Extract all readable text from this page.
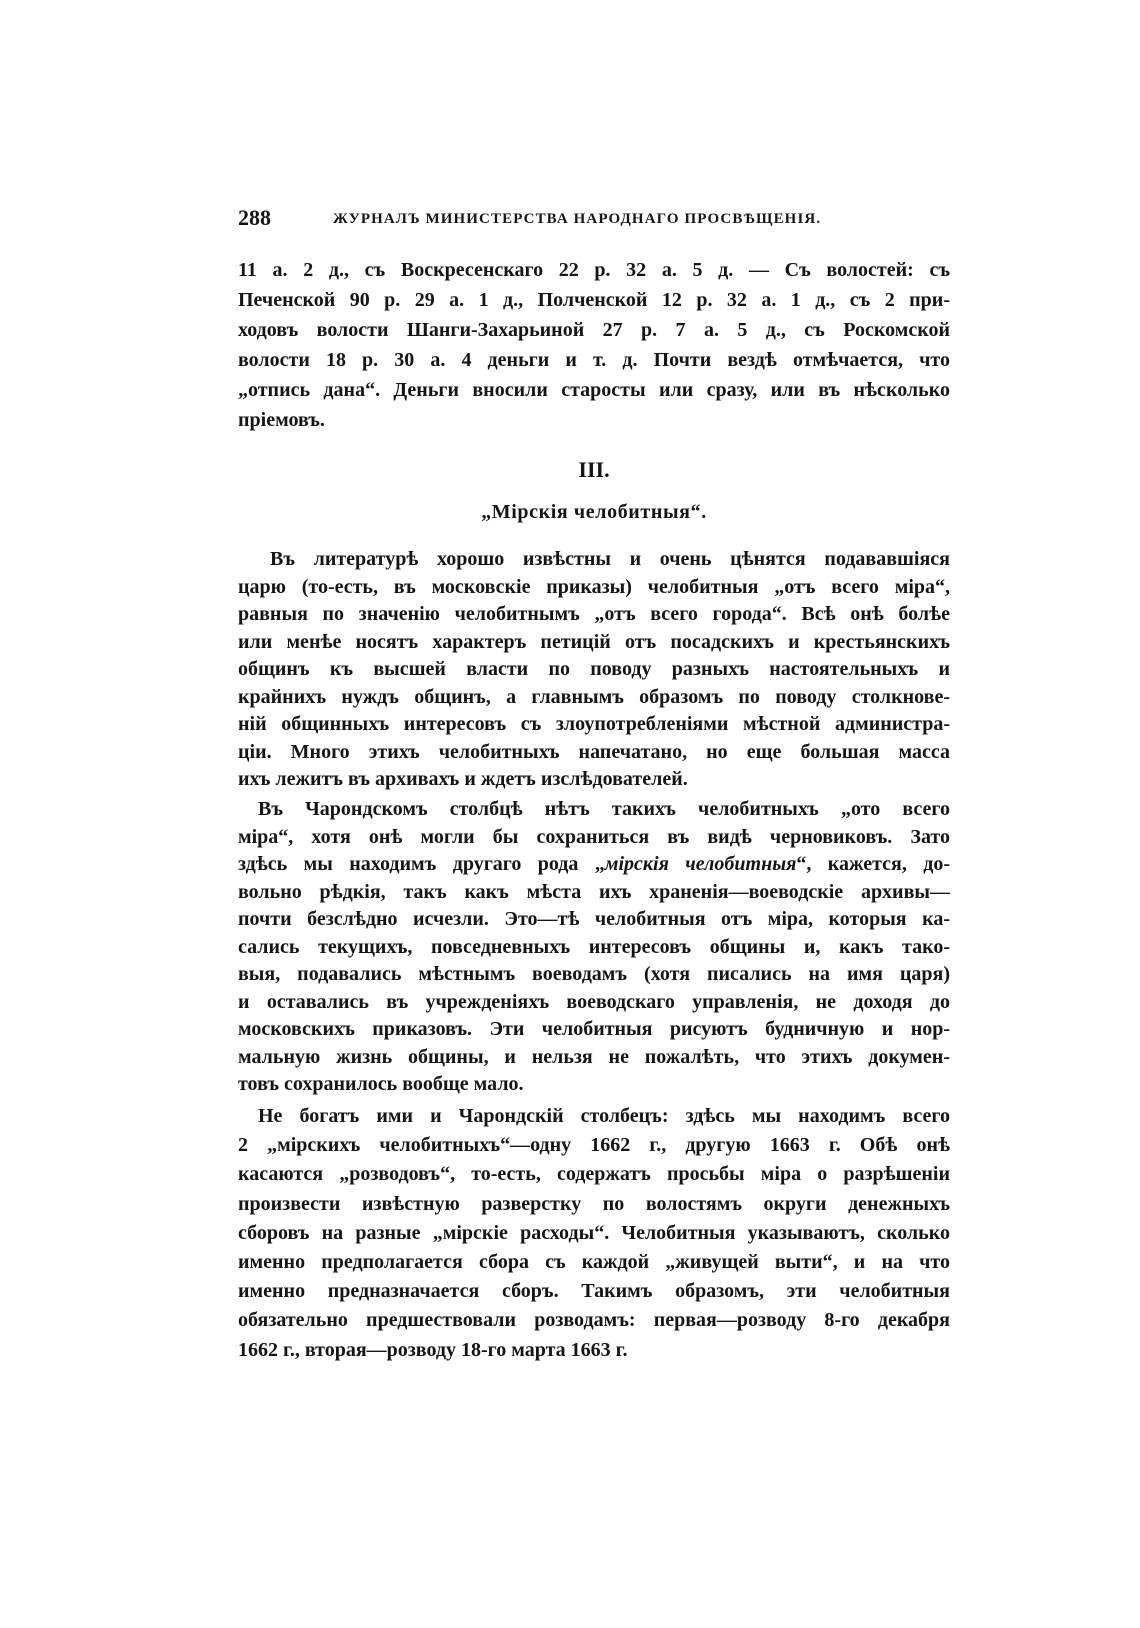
288	ЖУРНАЛЪ МИНИСТЕРСТВА НАРОДНАГО ПРОСВѢЩЕНІЯ.
11 а. 2 д., съ Воскресенскаго 22 р. 32 а. 5 д. — Съ волостей: съ
Печенской 90 р. 29 а. 1 д., Полченской 12 р. 32 а. 1 д., съ 2 при-
ходовъ волости Шанги-Захарьиной 27 р. 7 а. 5 д., съ Роскомской
волости 18 р. 30 а. 4 деньги и т. д. Почти вездѣ отмѣчается, что
„отпись дана“. Деньги вносили старосты или сразу, или въ нѣсколько
пріемовъ.
III.
„Мірскія челобитныя“.
Въ литературѣ хорошо извѣстны и очень цѣнятся подававшіяся
царю (то-есть, въ московскіе приказы) челобитныя „отъ всего міра“,
равныя по значенію челобитнымъ „отъ всего города“. Всѣ онѣ болѣе
или менѣе носятъ характеръ петицій отъ посадскихъ и крестьянскихъ
общинъ къ высшей власти по поводу разныхъ настоятельныхъ и
крайнихъ нуждъ общинъ, а главнымъ образомъ по поводу столкнове-
ній общинныхъ интересовъ съ злоупотребленіями мѣстной администра-
ціи. Много этихъ челобитныхъ напечатано, но еще большая масса
ихъ лежитъ въ архивахъ и ждетъ изслѣдователей.
Въ Чарондскомъ столбцѣ нѣтъ такихъ челобитныхъ „ото всего
міра“, хотя онѣ могли бы сохраниться въ видѣ черновиковъ. Зато
здѣсь мы находимъ другаго рода „мірскія челобитныя“, кажется, до-
вольно рѣдкія, такъ какъ мѣста ихъ храненія—воеводскіе архивы—
почти безслѣдно исчезли. Это—тѣ челобитныя отъ міра, которыя ка-
сались текущихъ, повседневныхъ интересовъ общины и, какъ тако-
выя, подавались мѣстнымъ воеводамъ (хотя писались на имя царя)
и оставались въ учрежденіяхъ воеводскаго управленія, не доходя до
московскихъ приказовъ. Эти челобитныя рисуютъ будничную и нор-
мальную жизнь общины, и нельзя не пожалѣть, что этихъ докумен-
товъ сохранилось вообще мало.
Не богатъ ими и Чарондскій столбецъ: здѣсь мы находимъ всего
2 „мірскихъ челобитныхъ“—одну 1662 г., другую 1663 г. Обѣ онѣ
касаются „розводовъ“, то-есть, содержатъ просьбы міра о разрѣшеніи
произвести извѣстную разверстку по волостямъ округи денежныхъ
сборовъ на разные „мірскіе расходы“. Челобитныя указываютъ, сколько
именно предполагается сбора съ каждой „живущей выти“, и на что
именно предназначается сборъ. Такимъ образомъ, эти челобитныя
обязательно предшествовали розводамъ: первая—розводу 8-го декабря
1662 г., вторая—розводу 18-го марта 1663 г.
